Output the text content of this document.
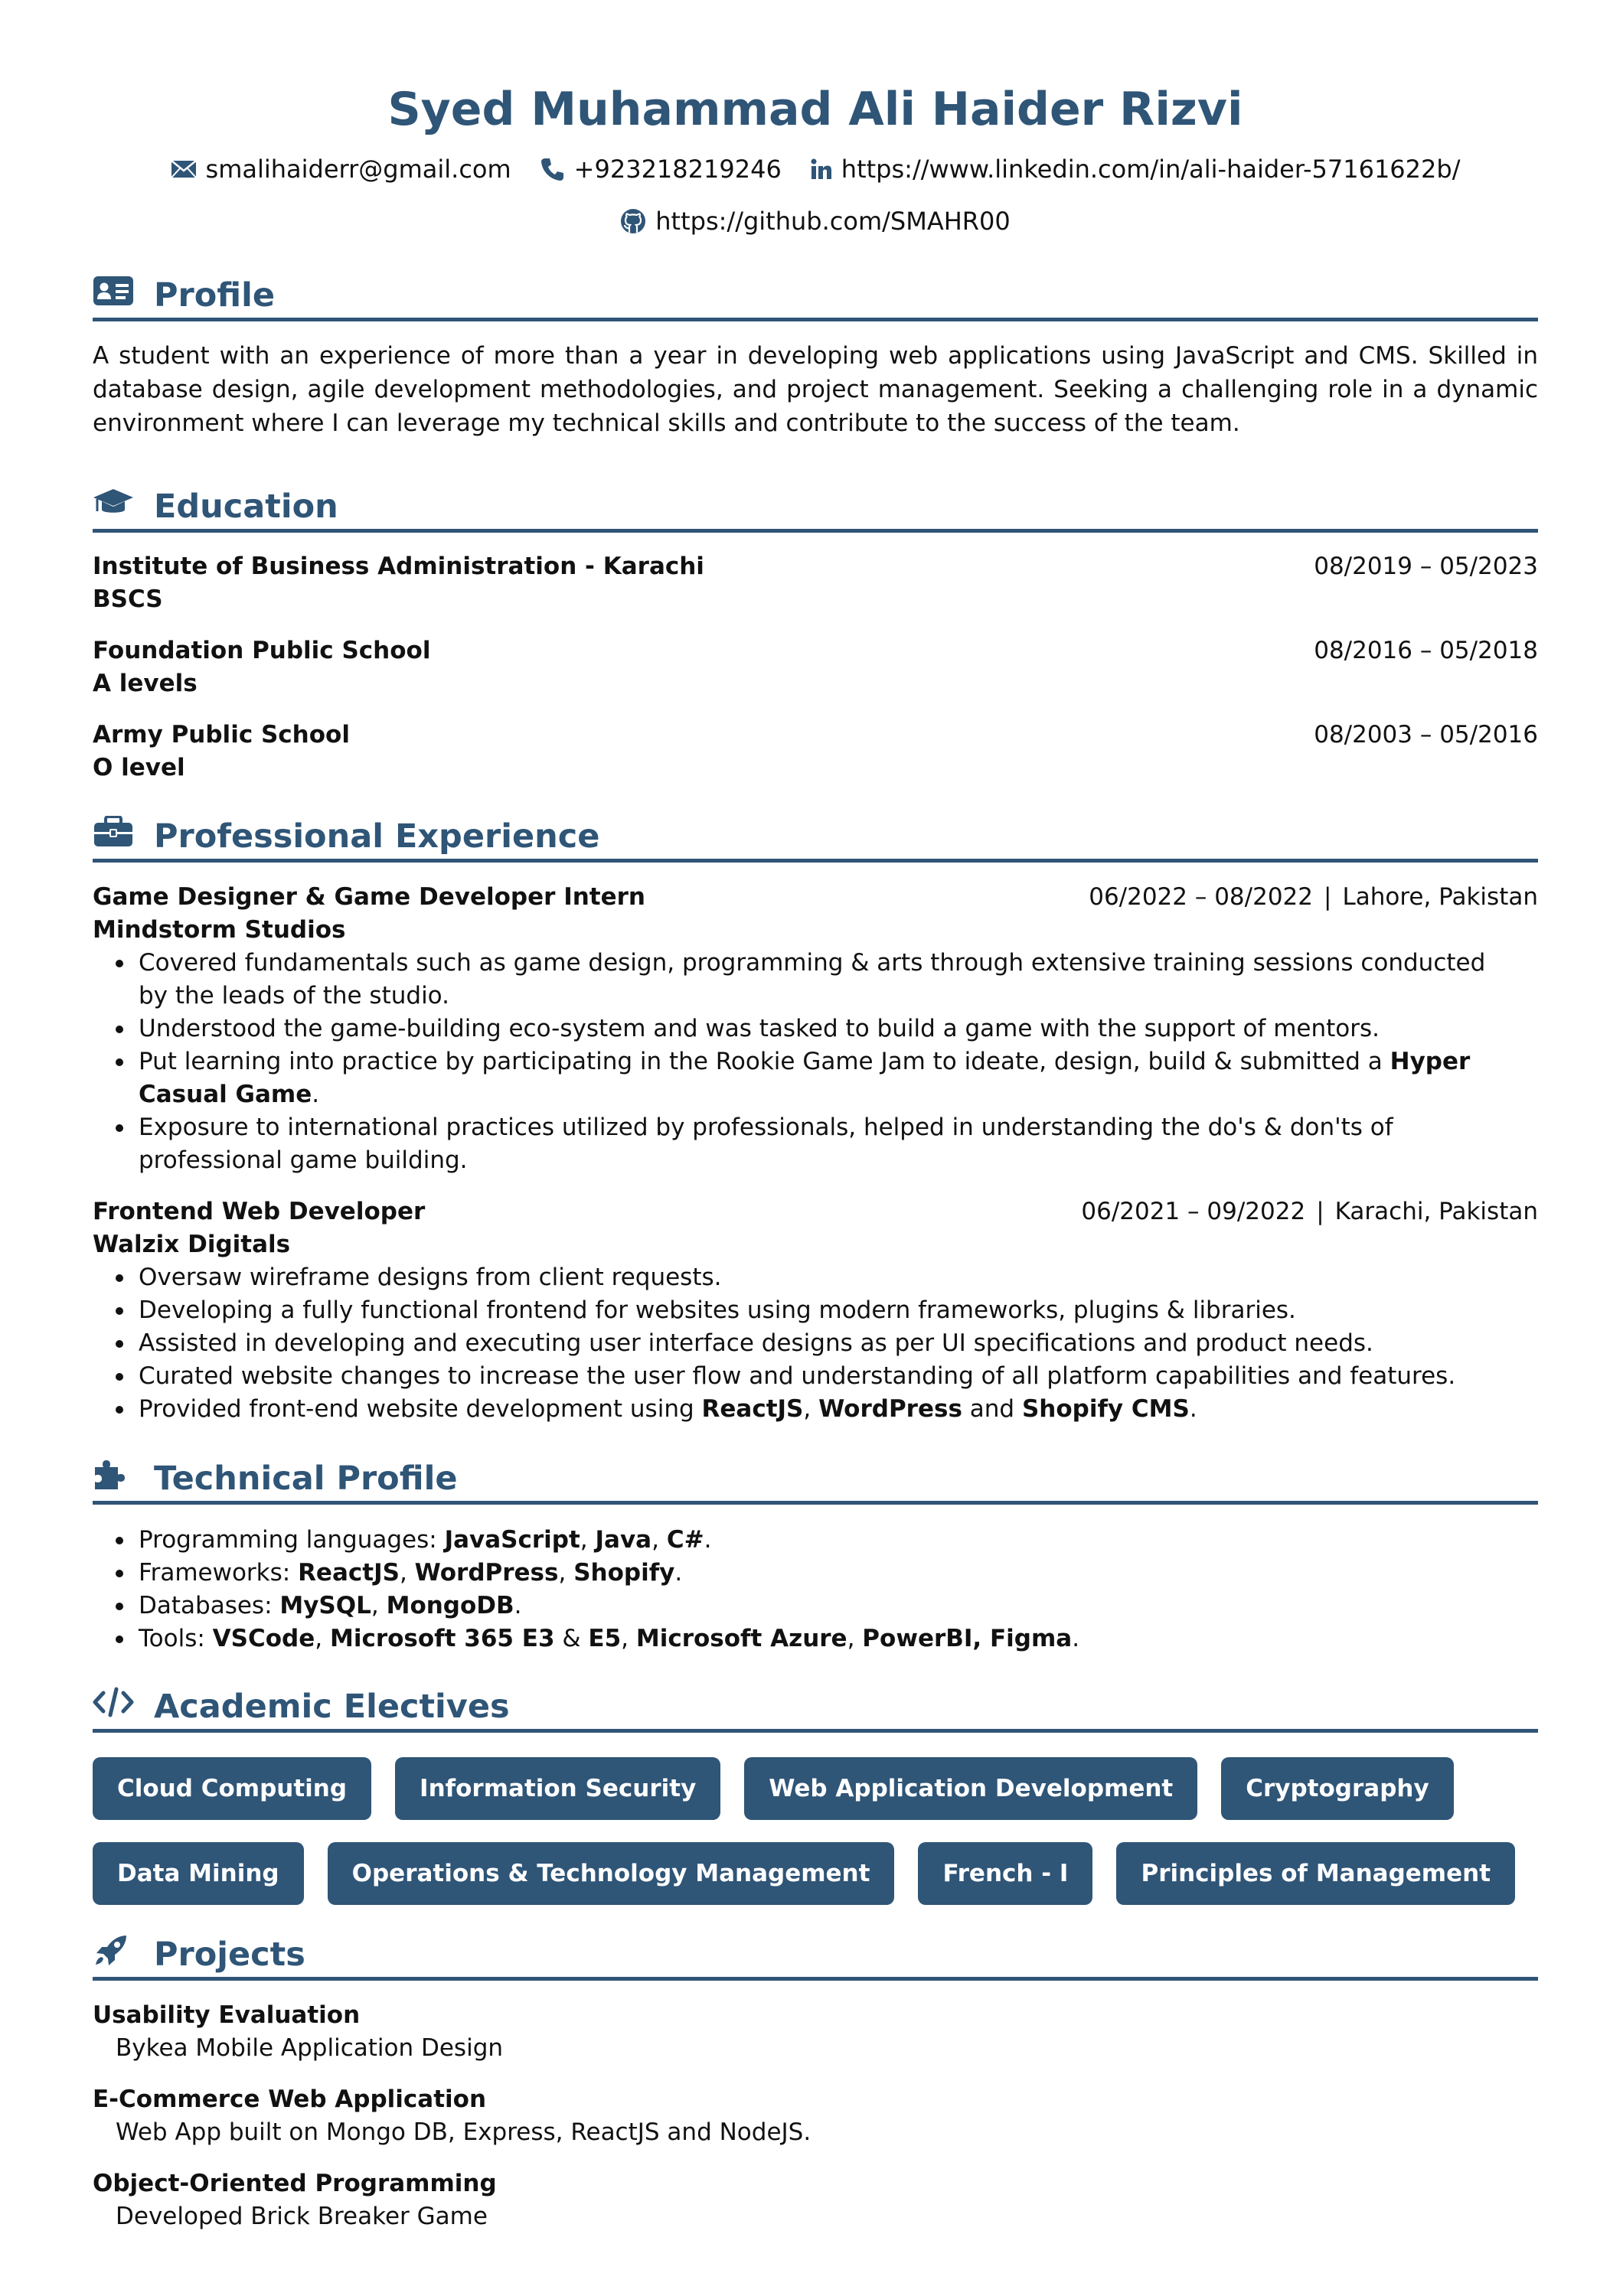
Syed Muhammad Ali Haider Rizvi
smalihaiderr@gmail.com	+923218219246 https://www.linkedin.com/in/ali-haider-57161622b/
https://github.com/SMAHR00
Profile
A student with an experience of more than a year in developing web applications using JavaScript and CMS. Skilled in database design, agile development methodologies, and project management. Seeking a challenging role in a dynamic environment where I can leverage my technical skills and contribute to the success of the team.
Education
Institute of Business Administration - Karachi	08/2019 – 05/2023
BSCS
Foundation Public School	08/2016 – 05/2018
A levels
Army Public School	08/2003 – 05/2016
O level
Professional Experience
Game Designer & Game Developer Intern	06/2022 – 08/2022 | Lahore, Pakistan
Mindstorm Studios
Covered fundamentals such as game design, programming & arts through extensive training sessions conducted by the leads of the studio.
Understood the game-building eco-system and was tasked to build a game with the support of mentors.
Put learning into practice by participating in the Rookie Game Jam to ideate, design, build & submitted a Hyper Casual Game.
Exposure to international practices utilized by professionals, helped in understanding the do's & don'ts of professional game building.
Frontend Web Developer	06/2021 – 09/2022 | Karachi, Pakistan
Walzix Digitals
Oversaw wireframe designs from client requests.
Developing a fully functional frontend for websites using modern frameworks, plugins & libraries.
Assisted in developing and executing user interface designs as per UI specifications and product needs.
Curated website changes to increase the user flow and understanding of all platform capabilities and features.
Provided front-end website development using ReactJS, WordPress and Shopify CMS.
Technical Profile
Programming languages: JavaScript, Java, C#.
Frameworks: ReactJS, WordPress, Shopify.
Databases: MySQL, MongoDB.
Tools: VSCode, Microsoft 365 E3 & E5, Microsoft Azure, PowerBI, Figma.
Academic Electives
Cloud Computing	Information Security	Web Application Development	Cryptography
Data Mining	Operations & Technology Management	French - I	Principles of Management
Projects
Usability Evaluation
Bykea Mobile Application Design
E-Commerce Web Application
Web App built on Mongo DB, Express, ReactJS and NodeJS.
Object-Oriented Programming
Developed Brick Breaker Game
